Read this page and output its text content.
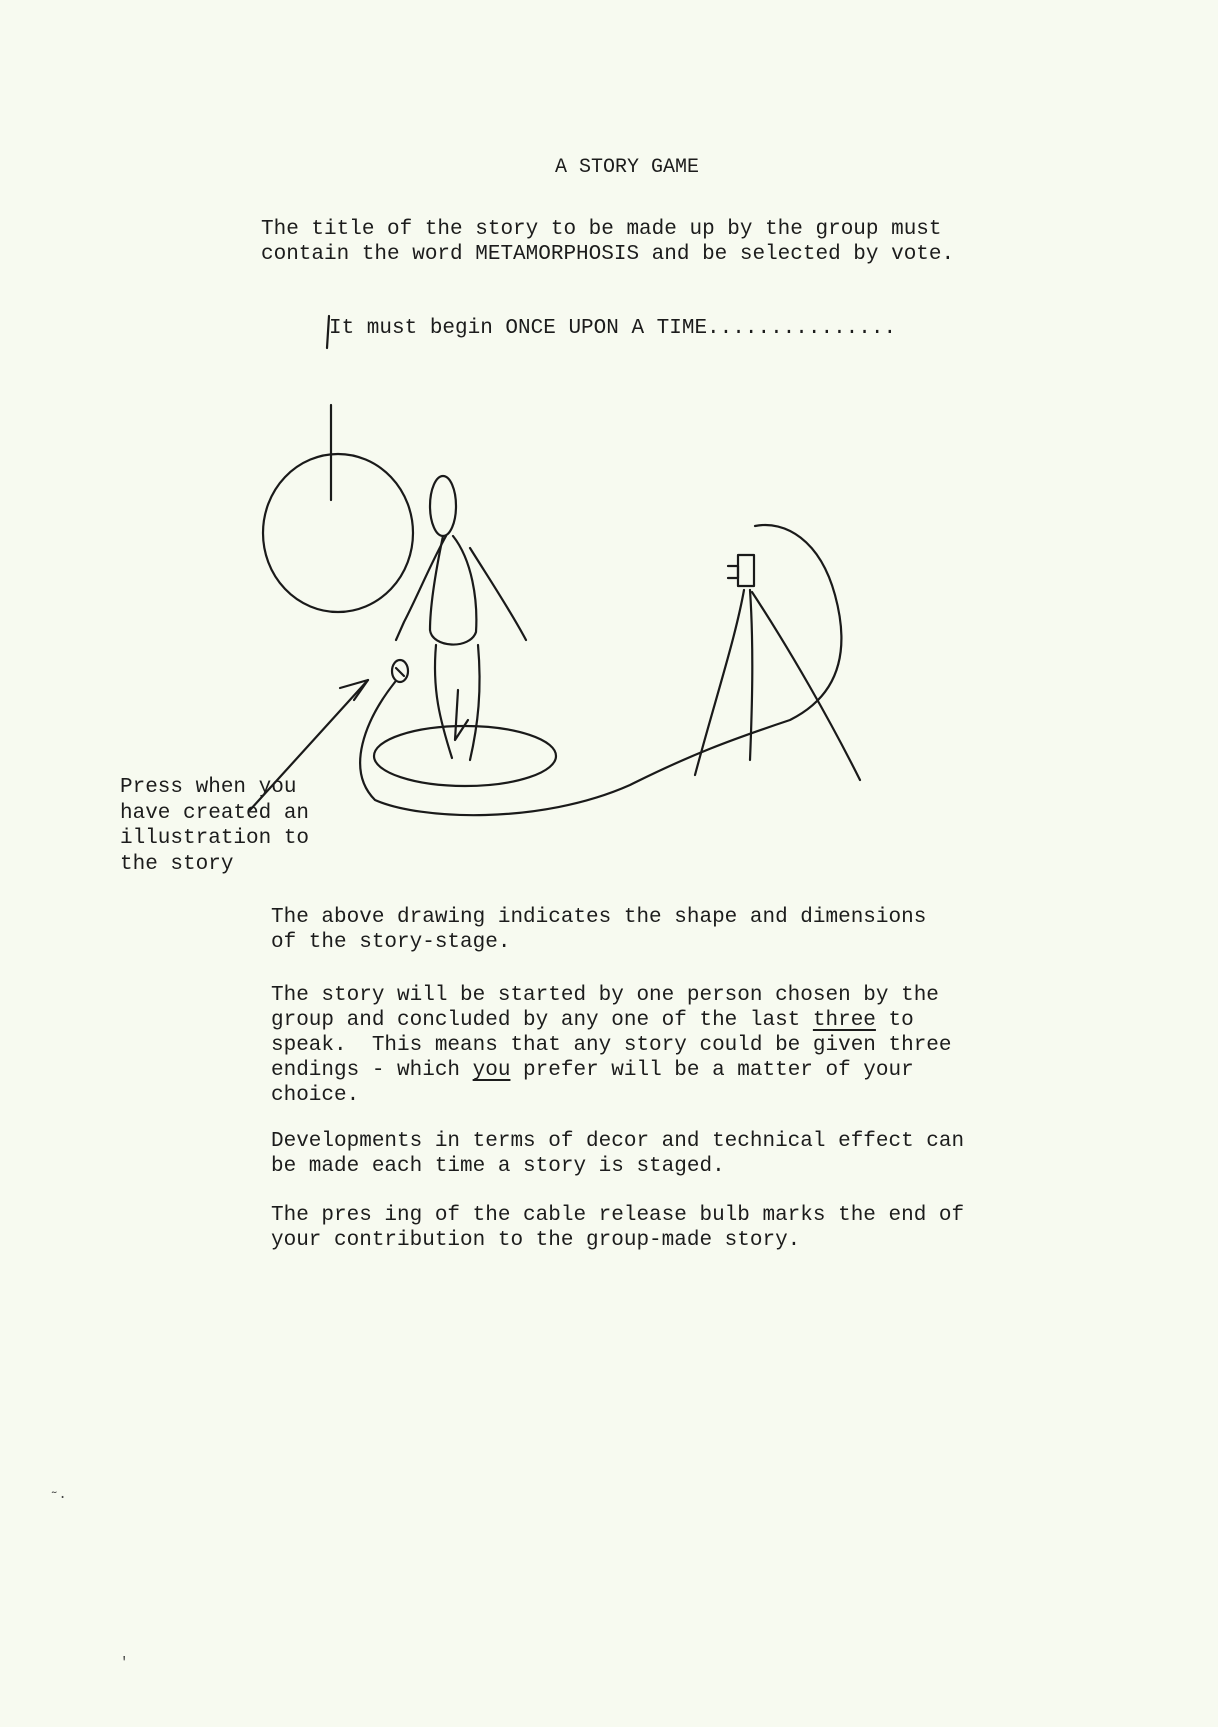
A STORY GAME
The title of the story to be made up by the group must
contain the word METAMORPHOSIS and be selected by vote.
It must begin ONCE UPON A TIME...............
Press when you
have created an
illustration to
the story
The above drawing indicates the shape and dimensions
of the story-stage.
The story will be started by one person chosen by the
group and concluded by any one of the last three to
speak.  This means that any story could be given three
endings - which you prefer will be a matter of your
choice.
Developments in terms of decor and technical effect can
be made each time a story is staged.
The pres ing of the cable release bulb marks the end of
your contribution to the group-made story.
˜·
'
